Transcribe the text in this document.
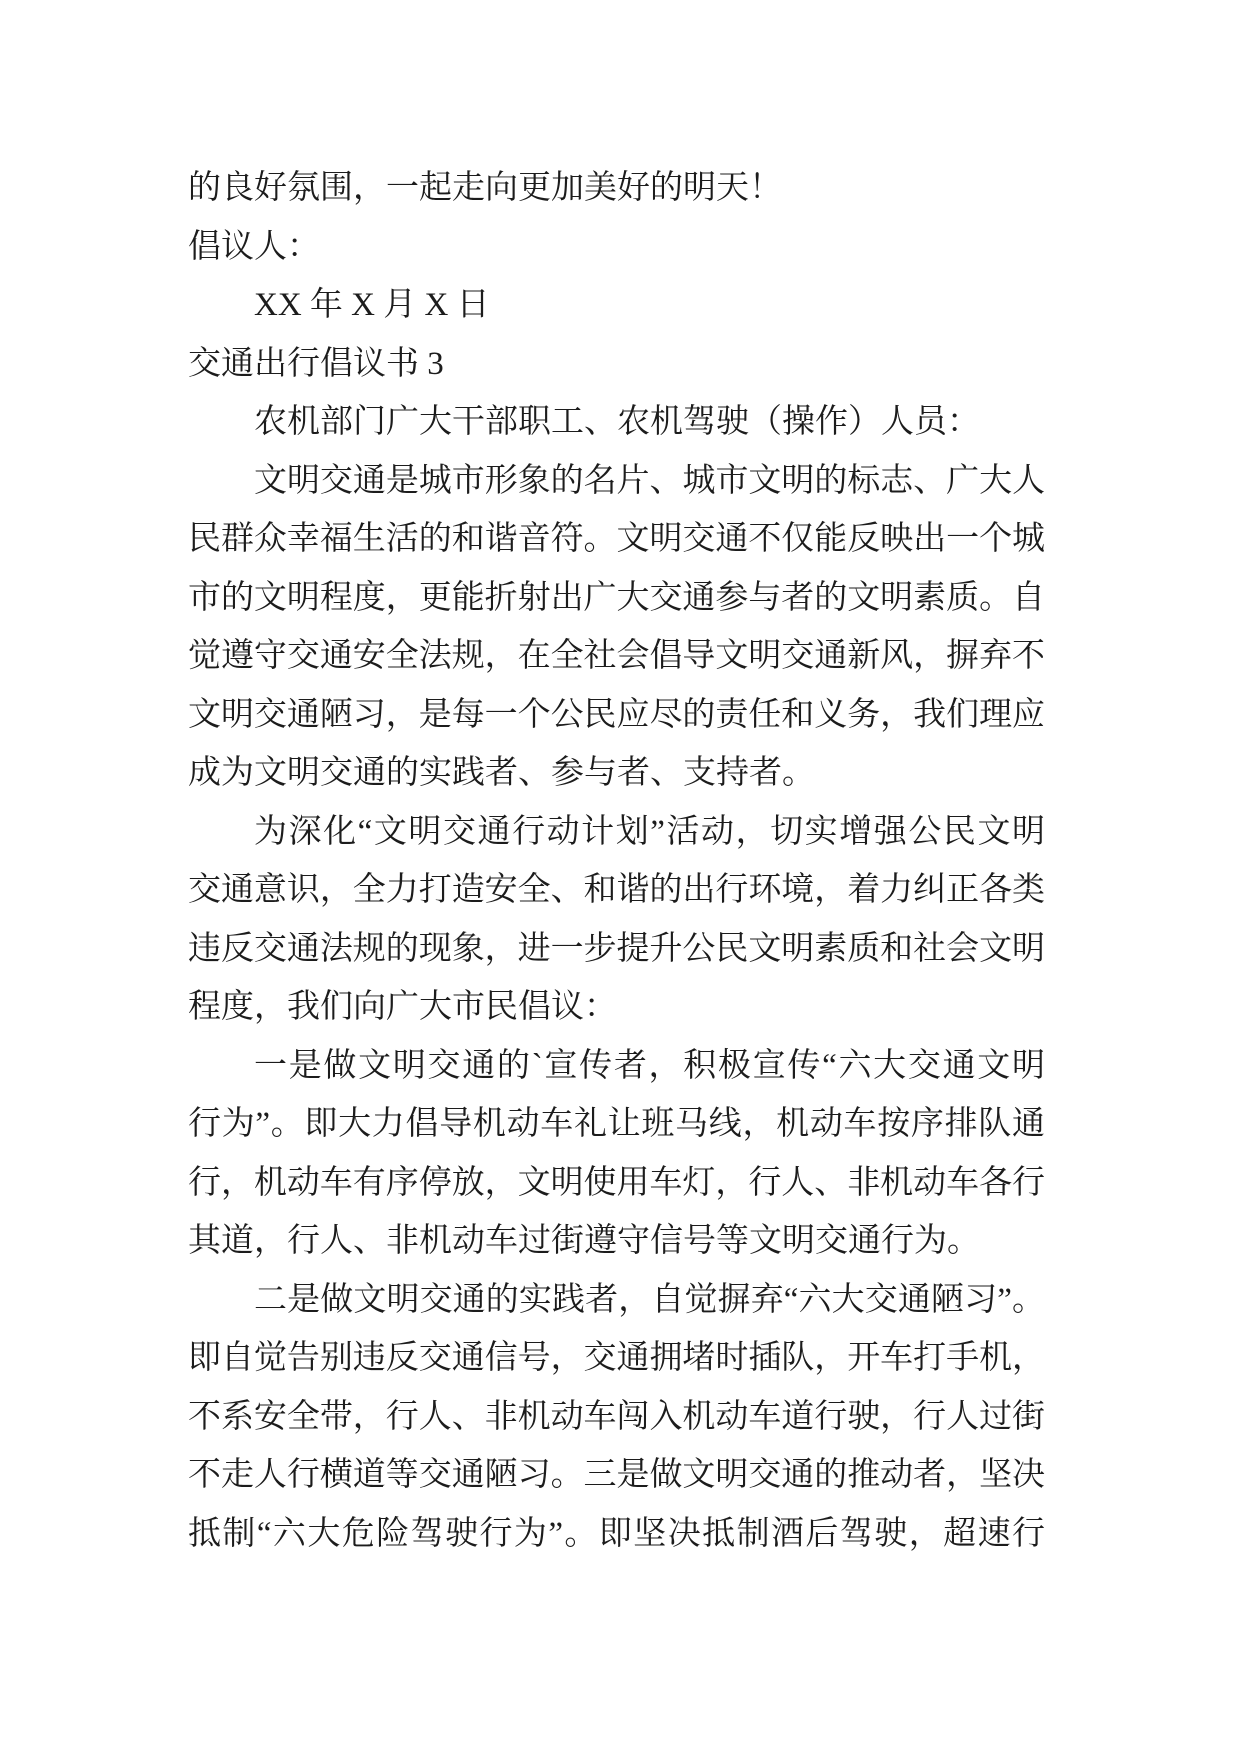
的良好氛围，一起走向更加美好的明天！
倡议人：
XX 年 X 月 X 日
交通出行倡议书 3
农机部门广大干部职工、农机驾驶（操作）人员：
文明交通是城市形象的名片、城市文明的标志、广大人
民群众幸福生活的和谐音符。文明交通不仅能反映出一个城
市的文明程度，更能折射出广大交通参与者的文明素质。自
觉遵守交通安全法规，在全社会倡导文明交通新风，摒弃不
文明交通陋习，是每一个公民应尽的责任和义务，我们理应
成为文明交通的实践者、参与者、支持者。
为深化“文明交通行动计划”活动，切实增强公民文明
交通意识，全力打造安全、和谐的出行环境，着力纠正各类
违反交通法规的现象，进一步提升公民文明素质和社会文明
程度，我们向广大市民倡议：
一是做文明交通的`宣传者，积极宣传“六大交通文明
行为”。即大力倡导机动车礼让班马线，机动车按序排队通
行，机动车有序停放，文明使用车灯，行人、非机动车各行
其道，行人、非机动车过街遵守信号等文明交通行为。
二是做文明交通的实践者，自觉摒弃“六大交通陋习”。
即自觉告别违反交通信号，交通拥堵时插队，开车打手机，
不系安全带，行人、非机动车闯入机动车道行驶，行人过街
不走人行横道等交通陋习。三是做文明交通的推动者，坚决
抵制“六大危险驾驶行为”。即坚决抵制酒后驾驶，超速行
